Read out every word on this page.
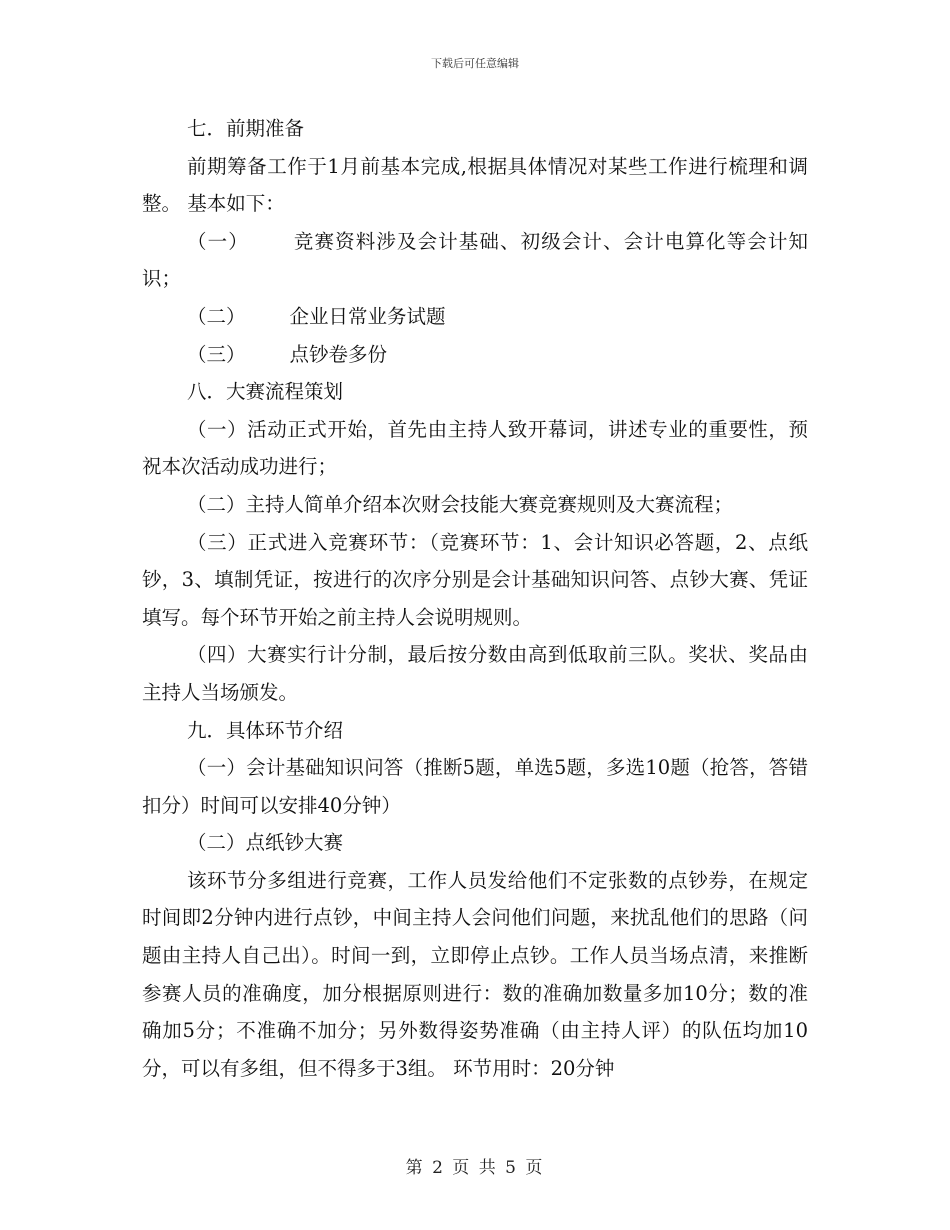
下载后可任意编辑

七．前期准备

前期筹备工作于1月前基本完成,根据具体情况对某些工作进行梳理和调整。 基本如下：

（一） 竞赛资料涉及会计基础、初级会计、会计电算化等会计知识；

（二） 企业日常业务试题

（三） 点钞卷多份

八．大赛流程策划

（一）活动正式开始，首先由主持人致开幕词，讲述专业的重要性，预祝本次活动成功进行；

（二）主持人简单介绍本次财会技能大赛竞赛规则及大赛流程；

（三）正式进入竞赛环节：（竞赛环节：1、会计知识必答题，2、点纸钞，3、填制凭证，按进行的次序分别是会计基础知识问答、点钞大赛、凭证填写。每个环节开始之前主持人会说明规则。

（四）大赛实行计分制，最后按分数由高到低取前三队。奖状、奖品由主持人当场颁发。

九．具体环节介绍

（一）会计基础知识问答（推断5题，单选5题，多选10题（抢答，答错扣分）时间可以安排40分钟）

（二）点纸钞大赛

该环节分多组进行竞赛，工作人员发给他们不定张数的点钞券，在规定时间即2分钟内进行点钞，中间主持人会问他们问题，来扰乱他们的思路（问题由主持人自己出）。时间一到，立即停止点钞。工作人员当场点清，来推断参赛人员的准确度，加分根据原则进行：数的准确加数量多加10分；数的准确加5分；不准确不加分；另外数得姿势准确（由主持人评）的队伍均加10分，可以有多组，但不得多于3组。 环节用时：20分钟

第 2 页 共 5 页
